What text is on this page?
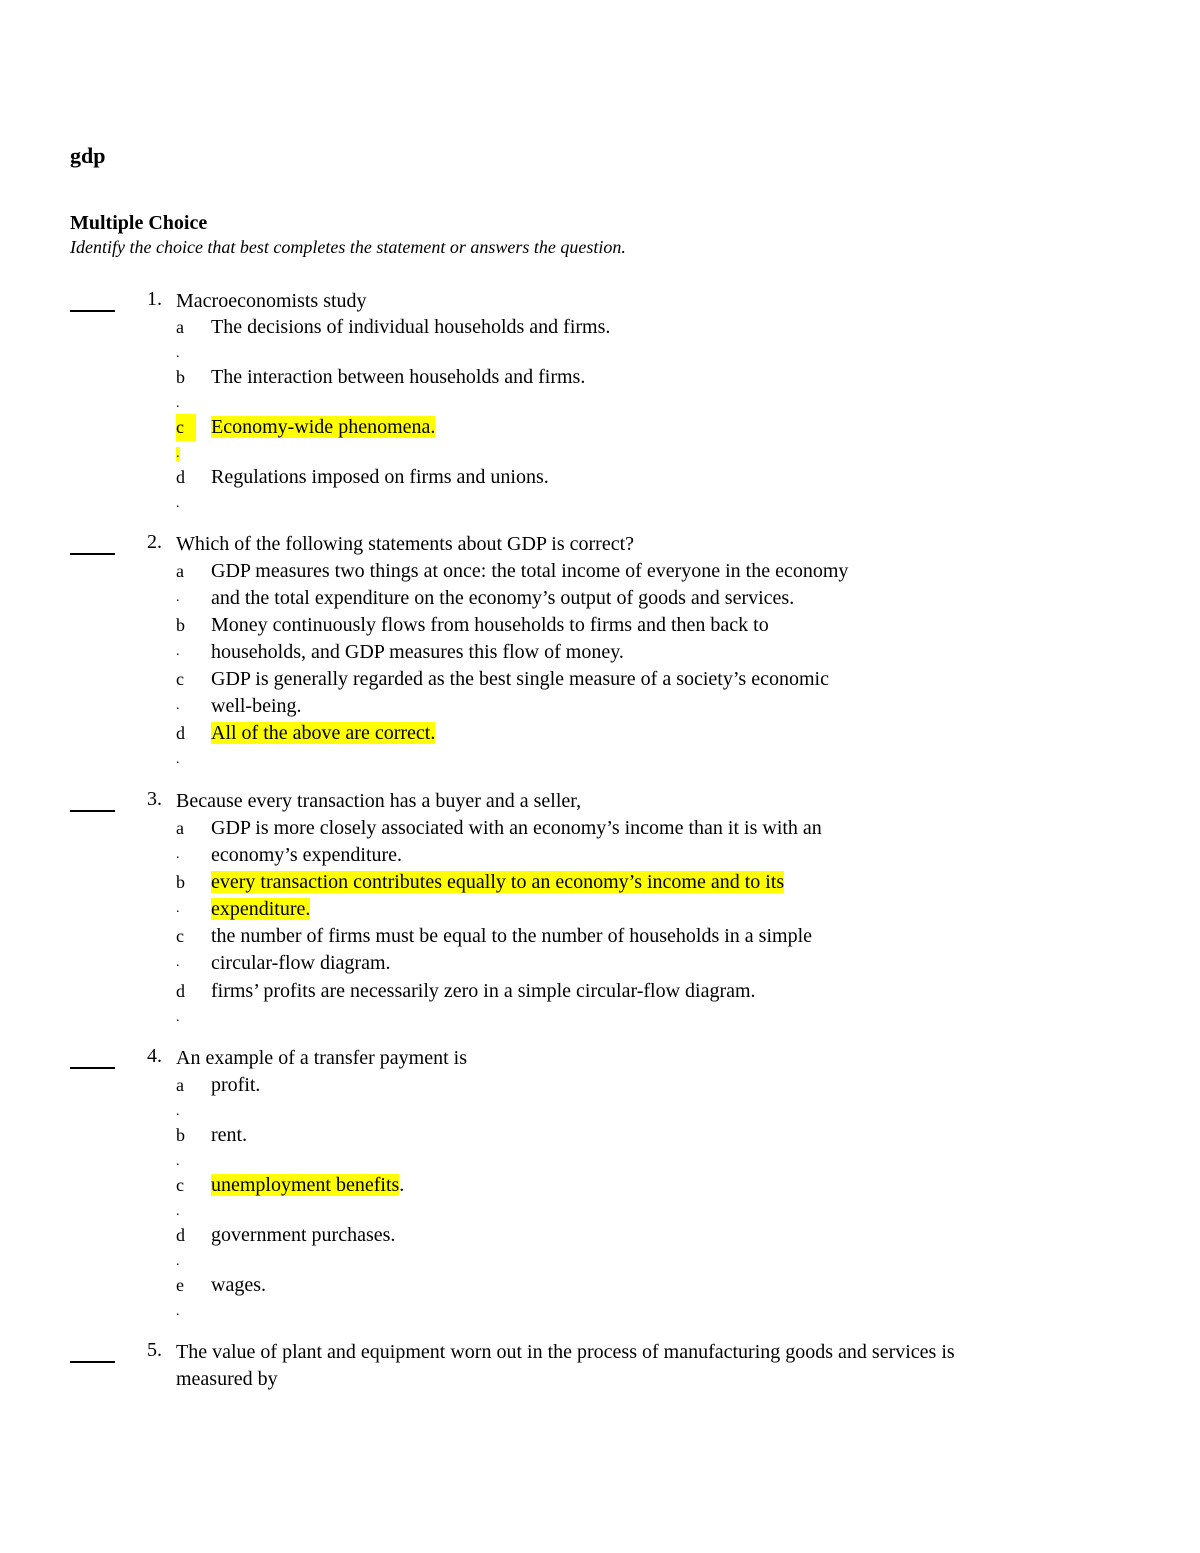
gdp
Multiple Choice
Identify the choice that best completes the statement or answers the question.
1. Macroeconomists study
a
.
The decisions of individual households and firms.
b
.
The interaction between households and firms.
c
.
Economy-wide phenomena.
d
.
Regulations imposed on firms and unions.
2. Which of the following statements about GDP is correct?
a
.
GDP measures two things at once: the total income of everyone in the economy
and the total expenditure on the economy’s output of goods and services.
b
.
Money continuously flows from households to firms and then back to
households, and GDP measures this flow of money.
c
.
GDP is generally regarded as the best single measure of a society’s economic
well-being.
d
.
All of the above are correct.
3. Because every transaction has a buyer and a seller,
a
.
GDP is more closely associated with an economy’s income than it is with an
economy’s expenditure.
b
.
every transaction contributes equally to an economy’s income and to its
expenditure.
c
.
the number of firms must be equal to the number of households in a simple
circular-flow diagram.
d
.
firms’ profits are necessarily zero in a simple circular-flow diagram.
4. An example of a transfer payment is
a
.
profit.
b
.
rent.
c
.
unemployment benefits.
d
.
government purchases.
e
.
wages.
5. The value of plant and equipment worn out in the process of manufacturing goods and services is
measured by
